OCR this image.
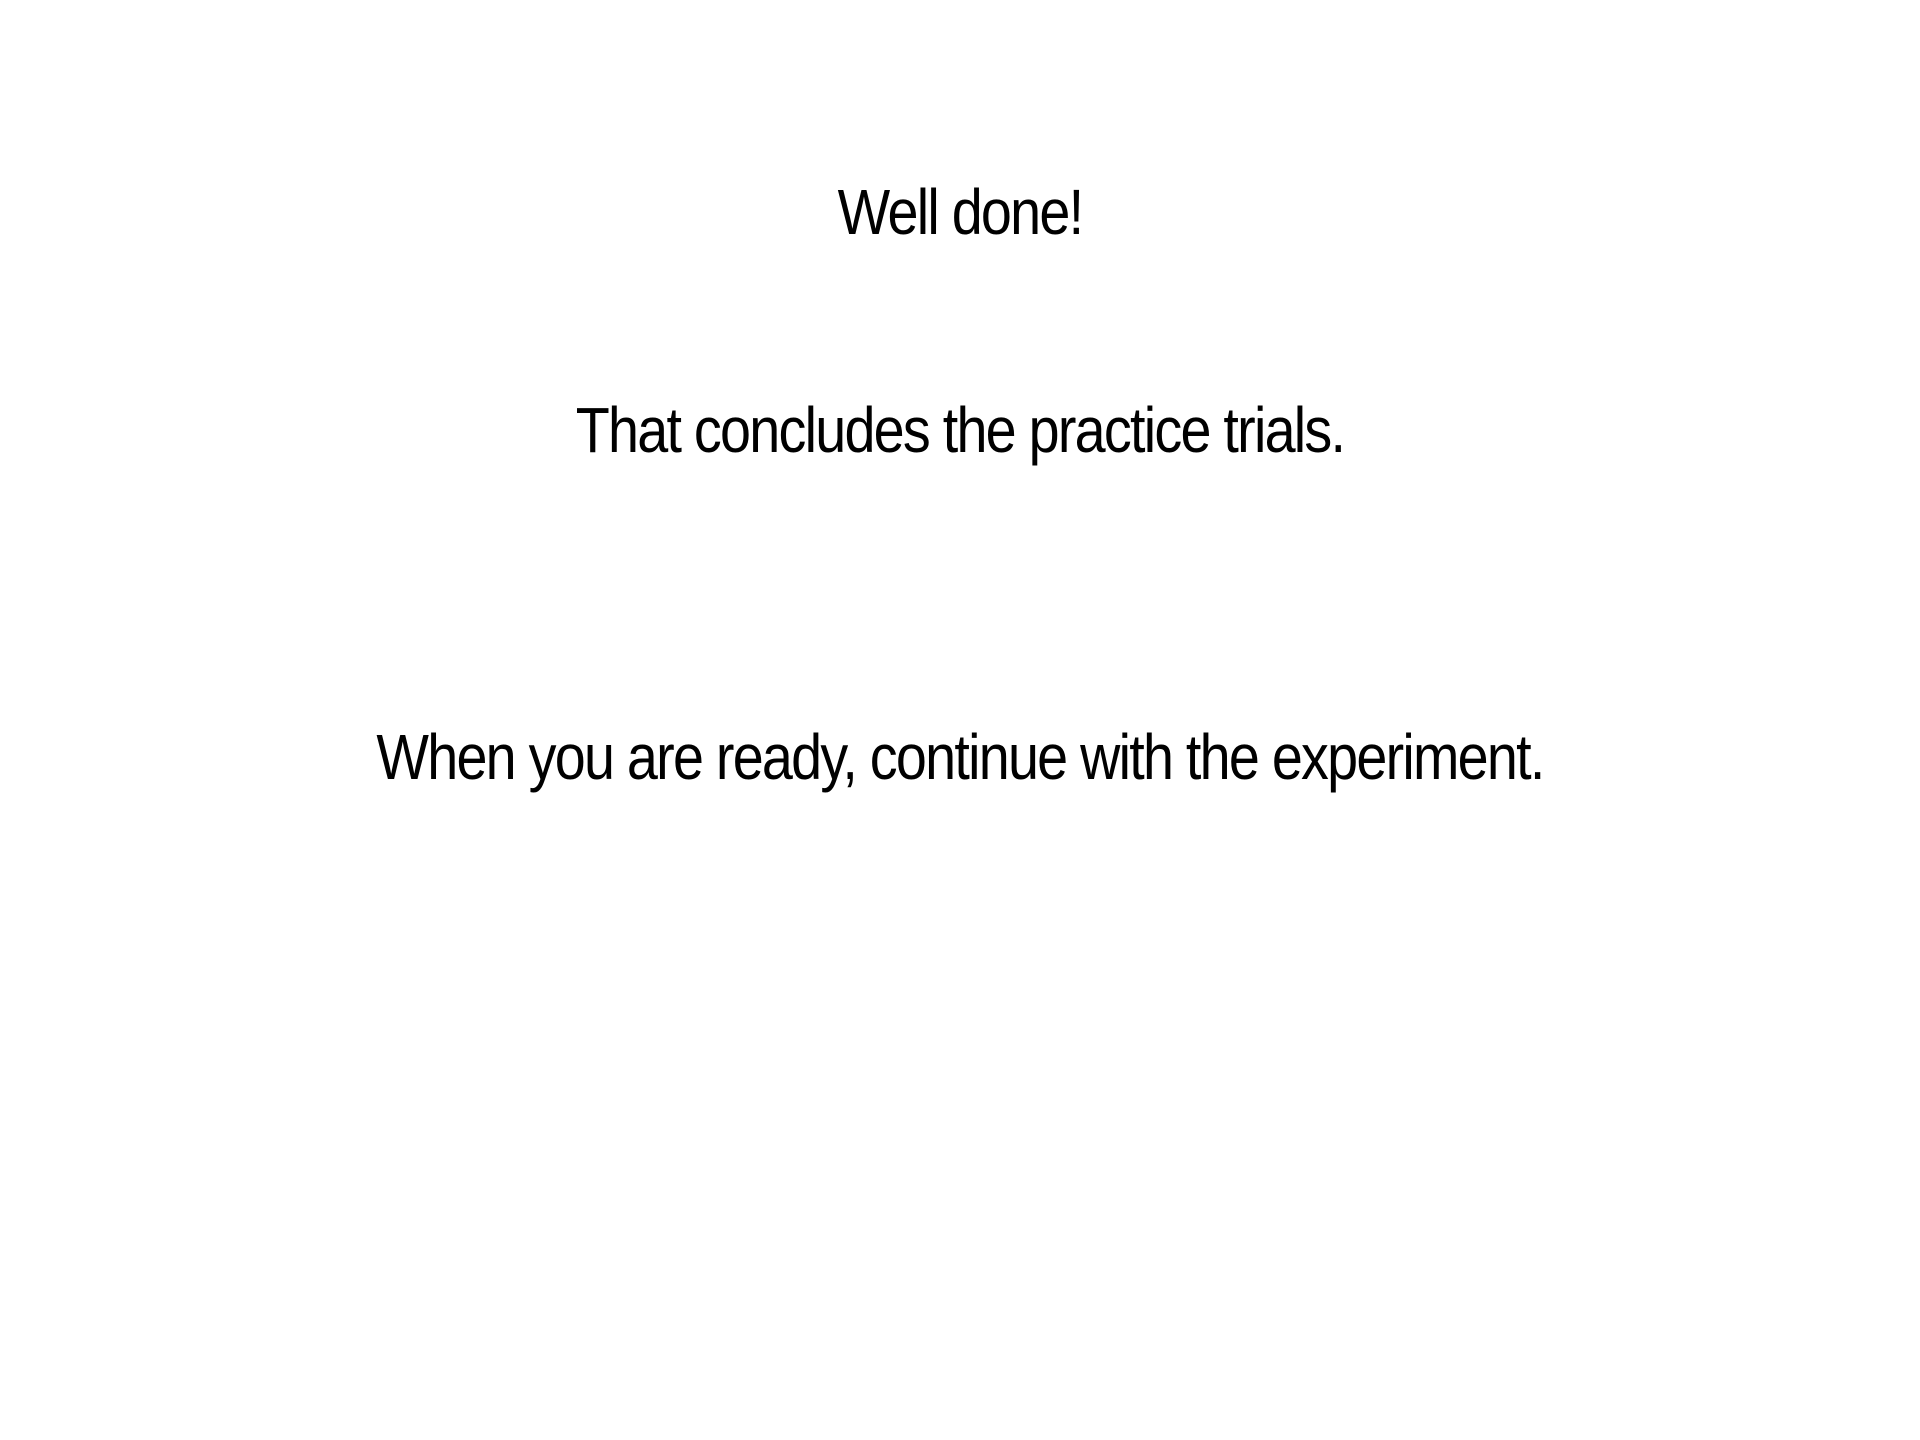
Well done!
That concludes the practice trials.
When you are ready, continue with the experiment.
